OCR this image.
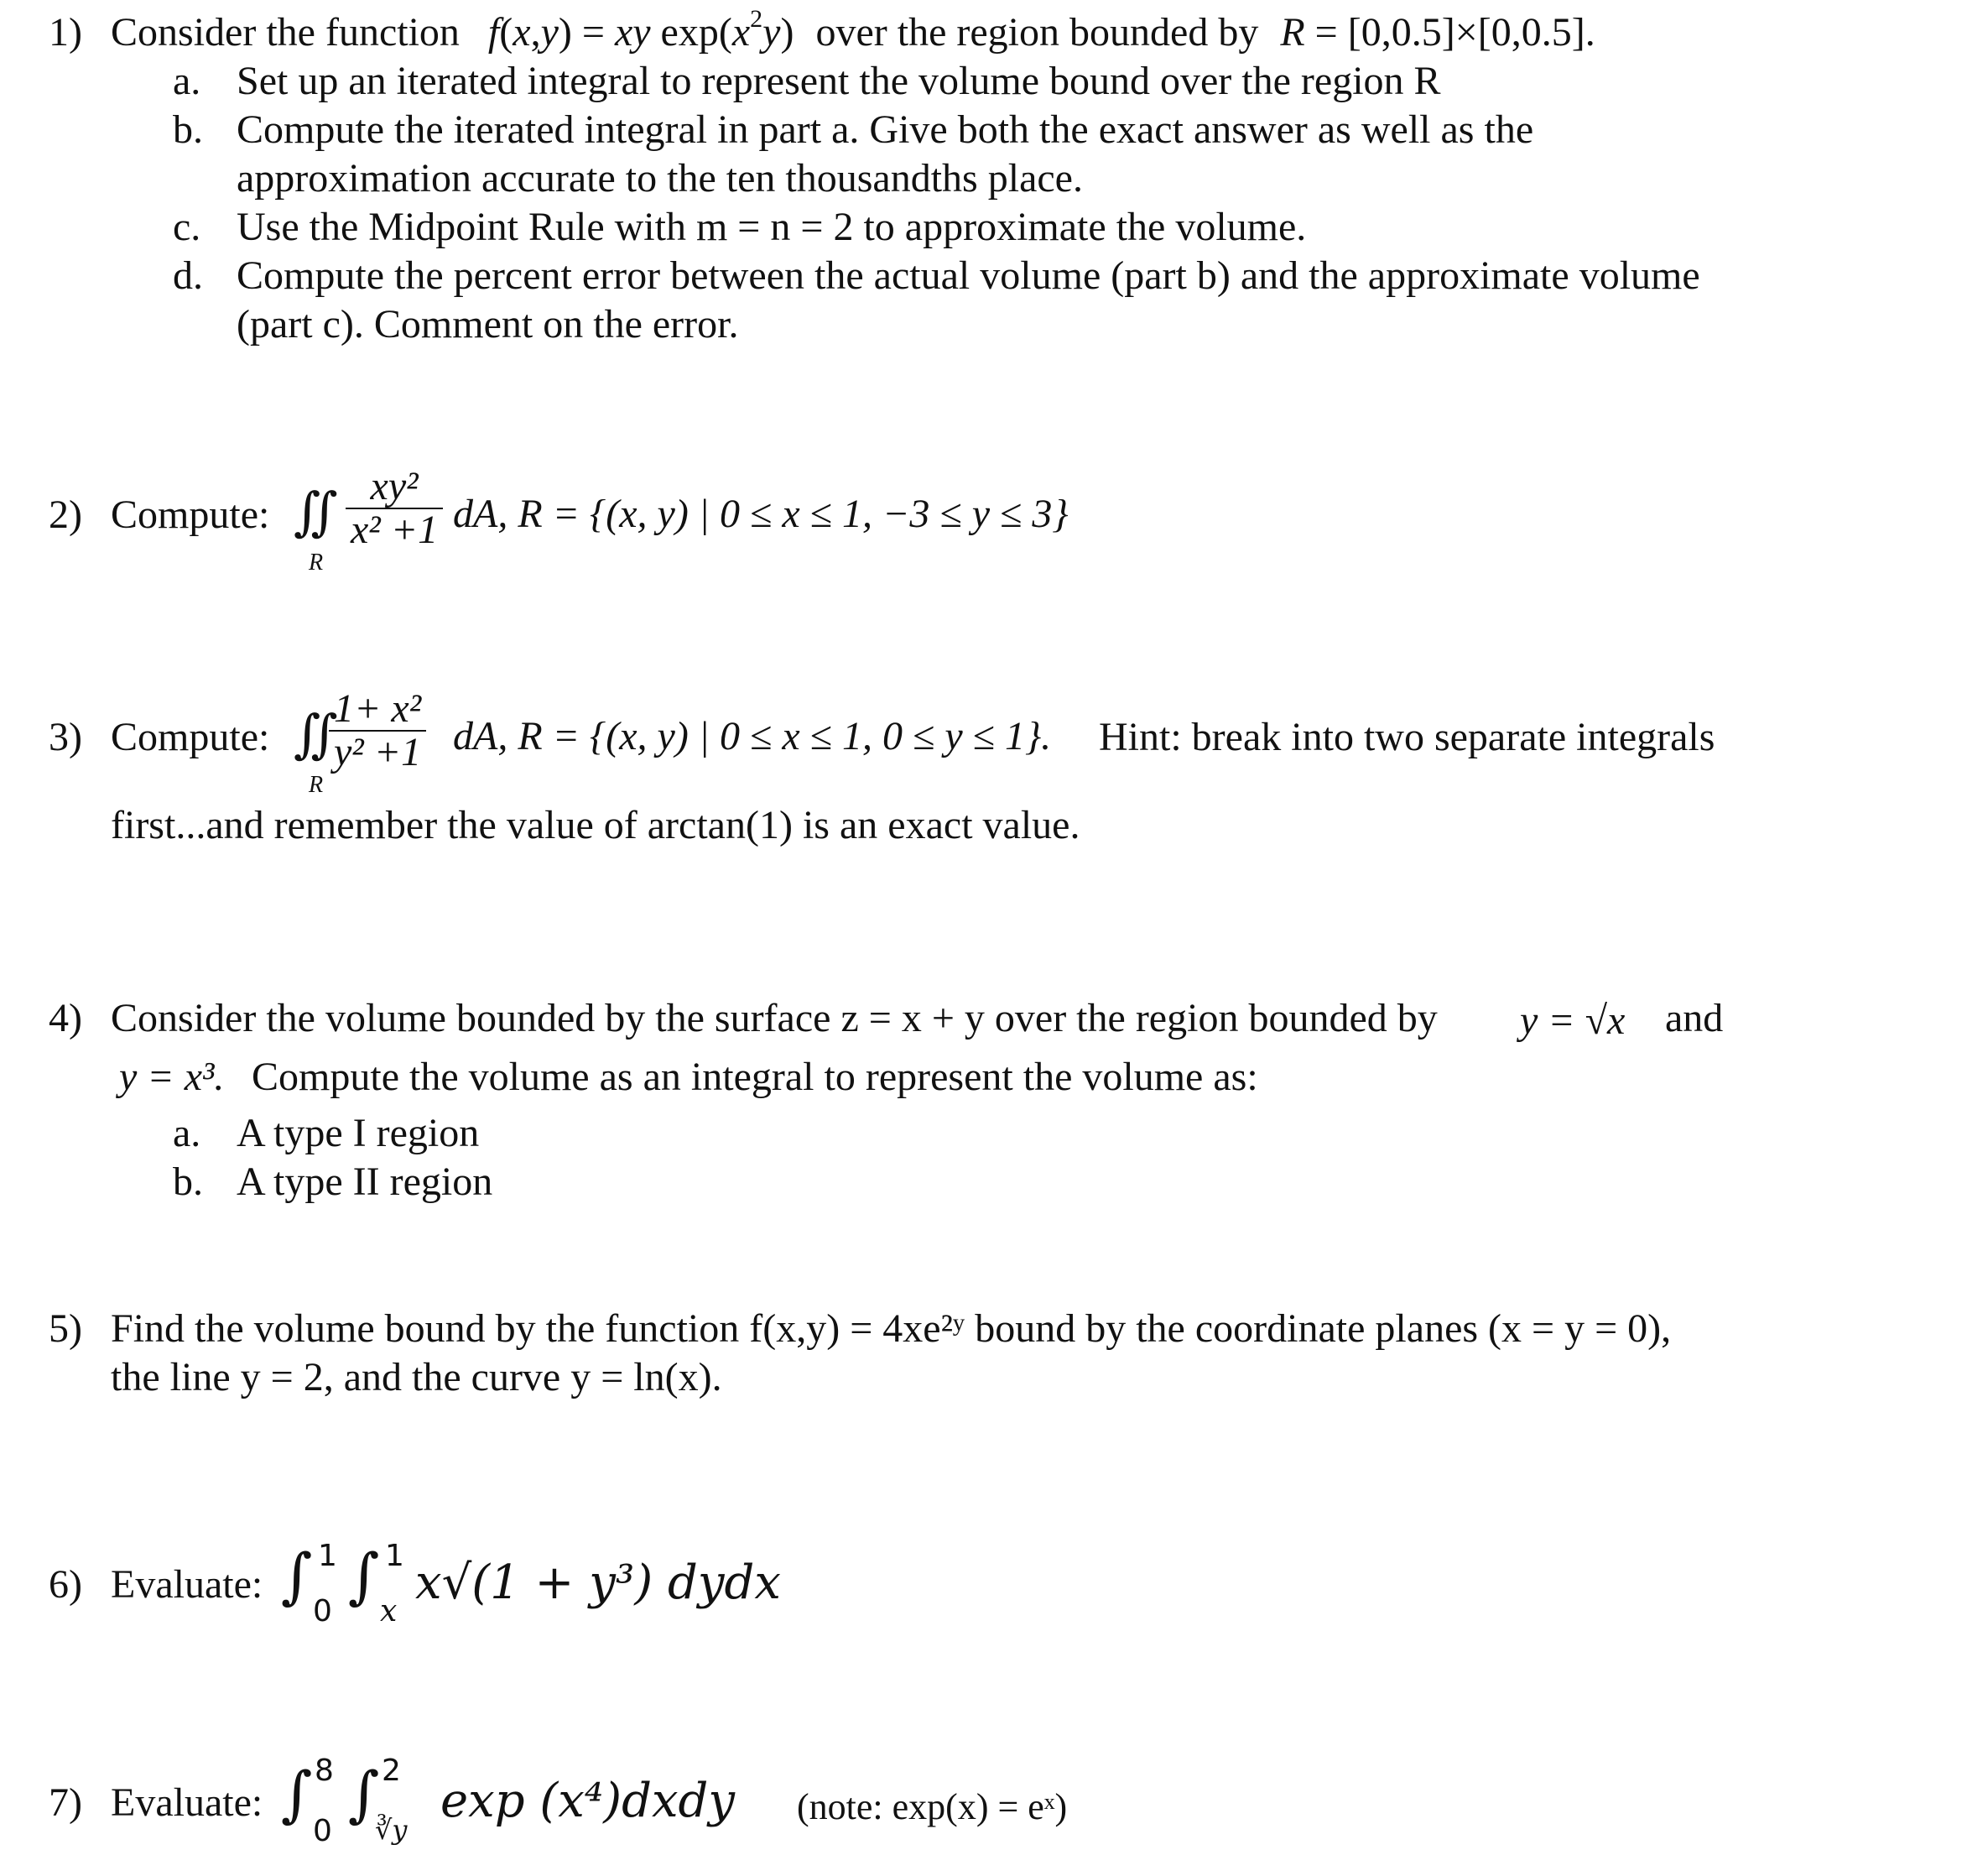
1) Consider the function f(x,y) = xy $\exp(x^2y)$ over the region bounded by R = [0,0.5]×[0,0.5].
a. Set up an iterated integral to represent the volume bound over the region R
b. Compute the iterated integral in part a. Give both the exact answer as well as the
approximation accurate to the ten thousandths place.
c. Use the Midpoint Rule with m = n = 2 to approximate the volume.
d. Compute the percent error between the actual volume (part b) and the approximate volume
(part c). Comment on the error.
2) Compute: ∬
R
$\frac{\text{xy²}}{\text{x² +1}}$ dA, R = {(x, y) | 0 ≤ x ≤ 1, −3 ≤ y ≤ 3}
3) Compute: ∬
R
$\frac{\text{1+ x²}}{\text{y² +1}}$ dA, R = {(x, y) | 0 ≤ x ≤ 1, 0 ≤ y ≤ 1}. Hint: break into two separate integrals
first...and remember the value of arctan(1) is an exact value.
4) Consider the volume bounded by the surface z = x + y over the region bounded by y = √x and
y = x³. Compute the volume as an integral to represent the volume as:
a. A type I region
b. A type II region
5) Find the volume bound by the function f(x,y) = 4xe²ʸ bound by the coordinate planes (x = y = 0),
the line y = 2, and the curve y = ln(x).
6) Evaluate: ∫ 1
0
∫ 1
x
x√(1 + y³) dydx
7) Evaluate: ∫ 8
0
∫ 2
∛y
exp (x⁴)dxdy (note: exp(x) = eˣ)
